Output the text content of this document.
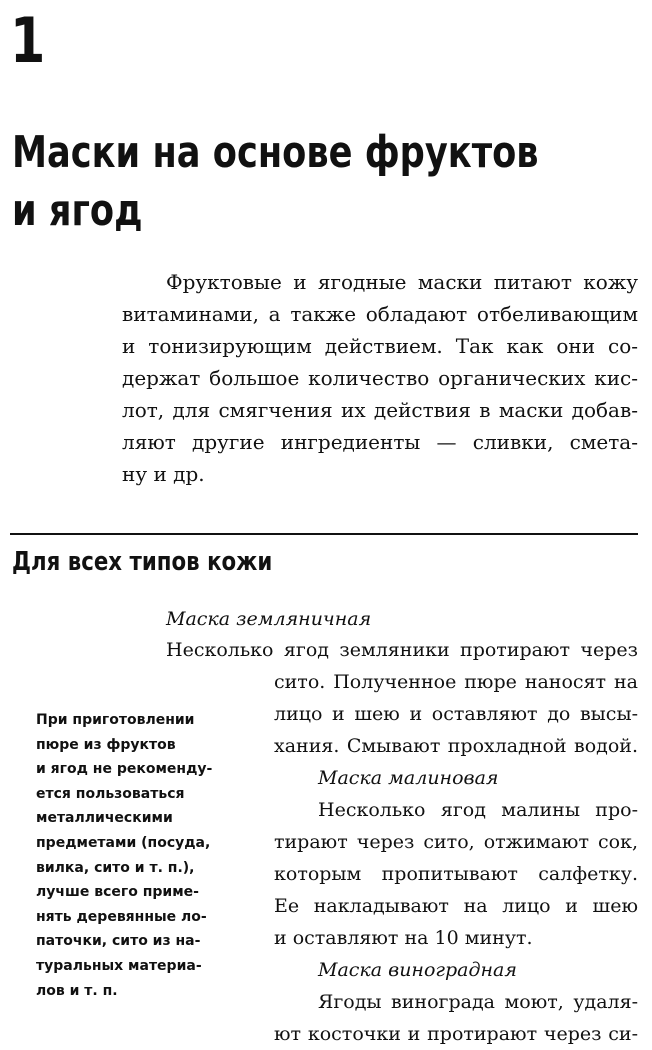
1
Маски на основе фруктов
и ягод
Фруктовые и ягодные маски питают кожу
витаминами, а также обладают отбеливающим
и тонизирующим действием. Так как они со-
держат большое количество органических кис-
лот, для смягчения их действия в маски добав-
ляют другие ингредиенты — сливки, смета-
ну и др.
Для всех типов кожи
Маска земляничная
Несколько ягод земляники протирают через
сито. Полученное пюре наносят на
лицо и шею и оставляют до высы-
хания. Смывают прохладной водой.
Маска малиновая
Несколько ягод малины про-
тирают через сито, отжимают сок,
которым пропитывают салфетку.
Ее накладывают на лицо и шею
и оставляют на 10 минут.
Маска виноградная
Ягоды винограда моют, удаля-
ют косточки и протирают через си-
При приготовлении
пюре из фруктов
и ягод не рекоменду-
ется пользоваться
металлическими
предметами (посуда,
вилка, сито и т. п.),
лучше всего приме-
нять деревянные ло-
паточки, сито из на-
туральных материа-
лов и т. п.
